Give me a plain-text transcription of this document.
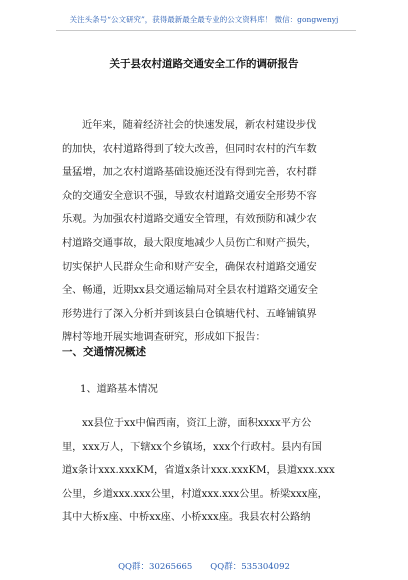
关注头条号“公文研究”，获得最新最全最专业的公文资料库！ 微信：gongwenyj
关于县农村道路交通安全工作的调研报告
近年来，随着经济社会的快速发展，新农村建设步伐
的加快，农村道路得到了较大改善，但同时农村的汽车数
量猛增，加之农村道路基础设施还没有得到完善，农村群
众的交通安全意识不强，导致农村道路交通安全形势不容
乐观。为加强农村道路交通安全管理，有效预防和减少农
村道路交通事故，最大限度地减少人员伤亡和财产损失，
切实保护人民群众生命和财产安全，确保农村道路交通安
全、畅通，近期xx县交通运输局对全县农村道路交通安全
形势进行了深入分析并到该县白仓镇塘代村、五峰铺镇界
牌村等地开展实地调查研究，形成如下报告：
一、交通情况概述
1、道路基本情况
xx县位于xx中偏西南，资江上游，面积xxxx平方公
里，xxx万人，下辖xx个乡镇场，xxx个行政村。县内有国
道x条计xxx.xxxKM，省道x条计xxx.xxxKM，县道xxx.xxx
公里，乡道xxx.xxx公里，村道xxx.xxx公里。桥梁xxx座，
其中大桥x座、中桥xx座、小桥xxx座。我县农村公路纳
QQ群：30265665 QQ群：535304092
